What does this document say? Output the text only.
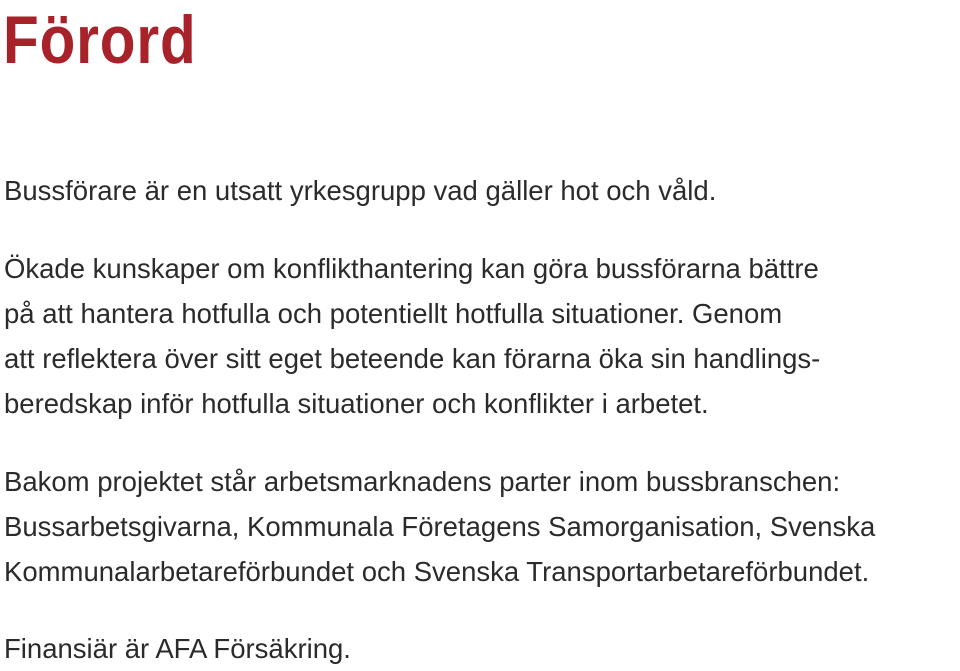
Förord

Bussförare är en utsatt yrkesgrupp vad gäller hot och våld.

Ökade kunskaper om konflikthantering kan göra bussförarna bättre
på att hantera hotfulla och potentiellt hotfulla situationer. Genom
att reflektera över sitt eget beteende kan förarna öka sin handlings-
beredskap inför hotfulla situationer och konflikter i arbetet.

Bakom projektet står arbetsmarknadens parter inom bussbranschen:
Bussarbetsgivarna, Kommunala Företagens Samorganisation, Svenska
Kommunalarbetareförbundet och Svenska Transportarbetareförbundet.

Finansiär är AFA Försäkring.
